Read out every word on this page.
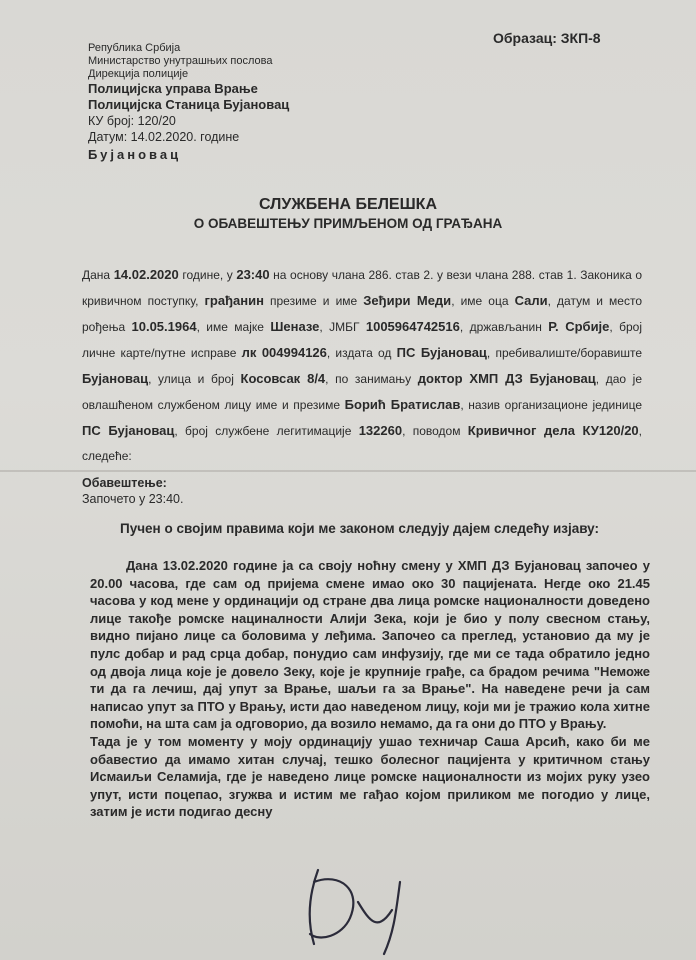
Образац: ЗКП-8
Република Србија
Министарство унутрашњих послова
Дирекција полиције
Полицијска управа Врање
Полицијска Станица Бујановац
КУ број: 120/20
Датум: 14.02.2020. године
Бујановац
СЛУЖБЕНА БЕЛЕШКА
О ОБАВЕШТЕЊУ ПРИМЉЕНОМ ОД ГРАЂАНА
Дана 14.02.2020 године, у 23:40 на основу члана 286. став 2. у вези члана 288. став 1. Законика о кривичном поступку, грађанин презиме и име Зеђири Меди, име оца Сали, датум и место рођења 10.05.1964, име мајке Шеназе, ЈМБГ 1005964742516, држављанин Р. Србије, број личне карте/путне исправе лк 004994126, издата од ПС Бујановац, пребивалиште/боравиште Бујановац, улица и број Косовсак 8/4, по занимању доктор ХМП ДЗ Бујановац, дао је овлашћеном службеном лицу име и презиме Борић Братислав, назив организационе јединице ПС Бујановац, број службене легитимације 132260, поводом Кривичног дела КУ120/20, следеће:
Обавештење:
Започето у 23:40.
Пучен о својим правима који ме законом следују дајем следећу изјаву:

Дана 13.02.2020 године ја са своју ноћну смену у ХМП ДЗ Бујановац започео у 20.00 часова, где сам од пријема смене имао око 30 пацијената. Негде око 21.45 часова у код мене у ординацији од стране два лица ромске националности доведено лице такође ромске нациналности Алији Зека, који је био у полу свесном стању, видно пијано лице са боловима у леђима. Започео са преглед, установио да му је пулс добар и рад срца добар, понудио сам инфузију, где ми се тада обратило једно од двоја лица које је довело Зеку, које је крупније грађе, са брадом речима "Неможе ти да га лечиш, дај упут за Врање, шаљи га за Врање". На наведене речи ја сам написао упут за ПТО у Врању, исти дао наведеном лицу, који ми је тражио кола хитне помоћи, на шта сам ја одговорио, да возило немамо, да га они до ПТО у Врању.

Тада је у том моменту у моју ординацију ушао техничар Саша Арсић, како би ме обавестио да имамо хитан случај, тешко болесног пацијента у критичном стању Исмаиљи Селамија, где је наведено лице ромске националности из мојих руку узео упут, исти поцепао, згужва и истим ме гађао којом приликом ме погодио у лице, затим је исти подигао десну
